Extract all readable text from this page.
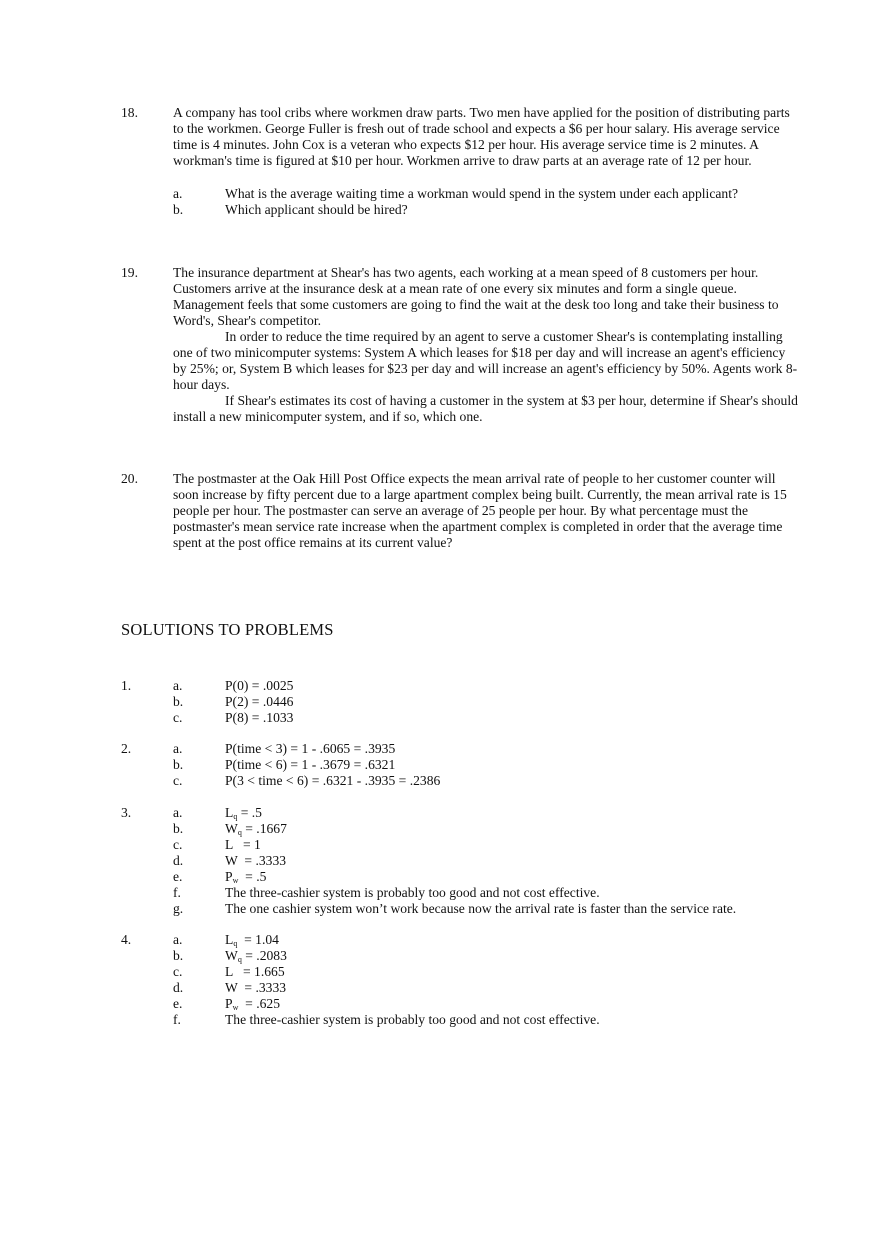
18.	A company has tool cribs where workmen draw parts. Two men have applied for the position of distributing parts to the workmen. George Fuller is fresh out of trade school and expects a $6 per hour salary. His average service time is 4 minutes. John Cox is a veteran who expects $12 per hour. His average service time is 2 minutes. A workman's time is figured at $10 per hour. Workmen arrive to draw parts at an average rate of 12 per hour.

a.	What is the average waiting time a workman would spend in the system under each applicant?
b.	Which applicant should be hired?
19.	The insurance department at Shear's has two agents, each working at a mean speed of 8 customers per hour. Customers arrive at the insurance desk at a mean rate of one every six minutes and form a single queue.

Management feels that some customers are going to find the wait at the desk too long and take their business to Word's, Shear's competitor.

In order to reduce the time required by an agent to serve a customer Shear's is contemplating installing one of two minicomputer systems: System A which leases for $18 per day and will increase an agent's efficiency by 25%; or, System B which leases for $23 per day and will increase an agent's efficiency by 50%. Agents work 8-hour days.

If Shear's estimates its cost of having a customer in the system at $3 per hour, determine if Shear's should install a new minicomputer system, and if so, which one.

20.	The postmaster at the Oak Hill Post Office expects the mean arrival rate of people to her customer counter will soon increase by fifty percent due to a large apartment complex being built. Currently, the mean arrival rate is 15 people per hour. The postmaster can serve an average of 25 people per hour. By what percentage must the postmaster's mean service rate increase when the apartment complex is completed in order that the average time spent at the post office remains at its current value?

SOLUTIONS TO PROBLEMS
1.	a.	P(0) = .0025
b.	P(2) = .0446
c.	P(8) = .1033
2.	a.	P(time < 3) = 1 - .6065 = .3935
b.	P(time < 6) = 1 - .3679 = .6321
c.	P(3 < time < 6) = .6321 - .3935 = .2386
3.	a.	$L_q = .5$
b.	$W_q = .1667$
c.	L   = 1
d.	W  = .3333
e.	$P_w = .5$
f.	The three-cashier system is probably too good and not cost effective.
g.	The one cashier system won’t work because now the arrival rate is faster than the service rate.
4.	a.	$L_q = 1.04$
b.	$W_q = .2083$
c.	L   = 1.665
d.	W  = .3333
e.	$P_w = .625$
f.	The three-cashier system is probably too good and not cost effective.
